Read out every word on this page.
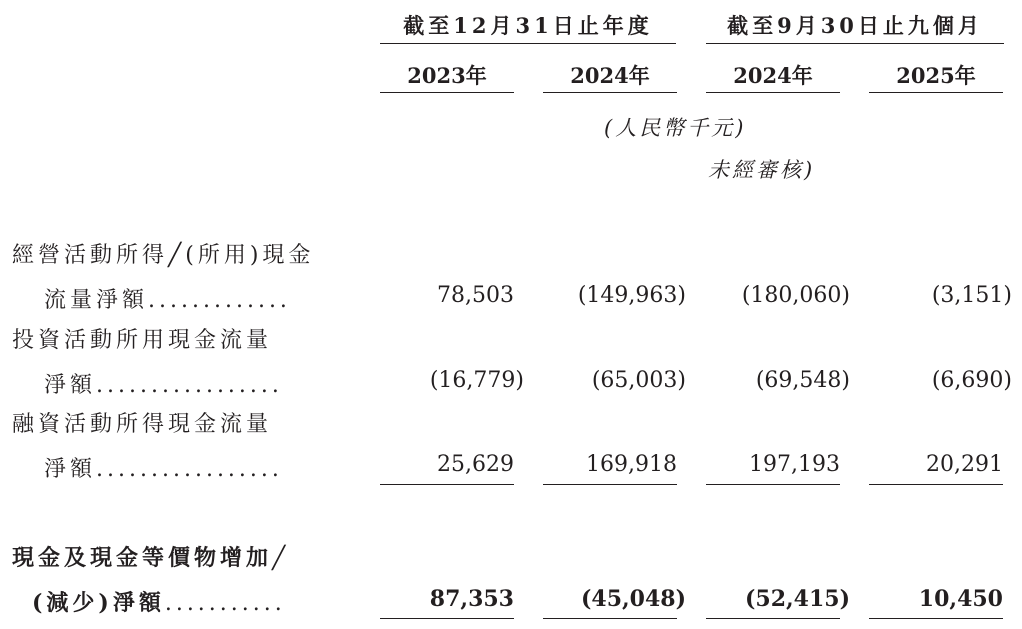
截至12月31日止年度	截至9月30日止九個月
2023年	2024年	2024年	2025年
(人民幣千元)
未經審核)
經營活動所得╱(所用)現金
流量淨額.............	78,503	(149,963)	(180,060)	(3,151)
投資活動所用現金流量
淨額.................	(16,779)	(65,003)	(69,548)	(6,690)
融資活動所得現金流量
淨額.................	25,629	169,918	197,193	20,291
現金及現金等價物增加╱
(減少)淨額...........	87,353	(45,048)	(52,415)	10,450
